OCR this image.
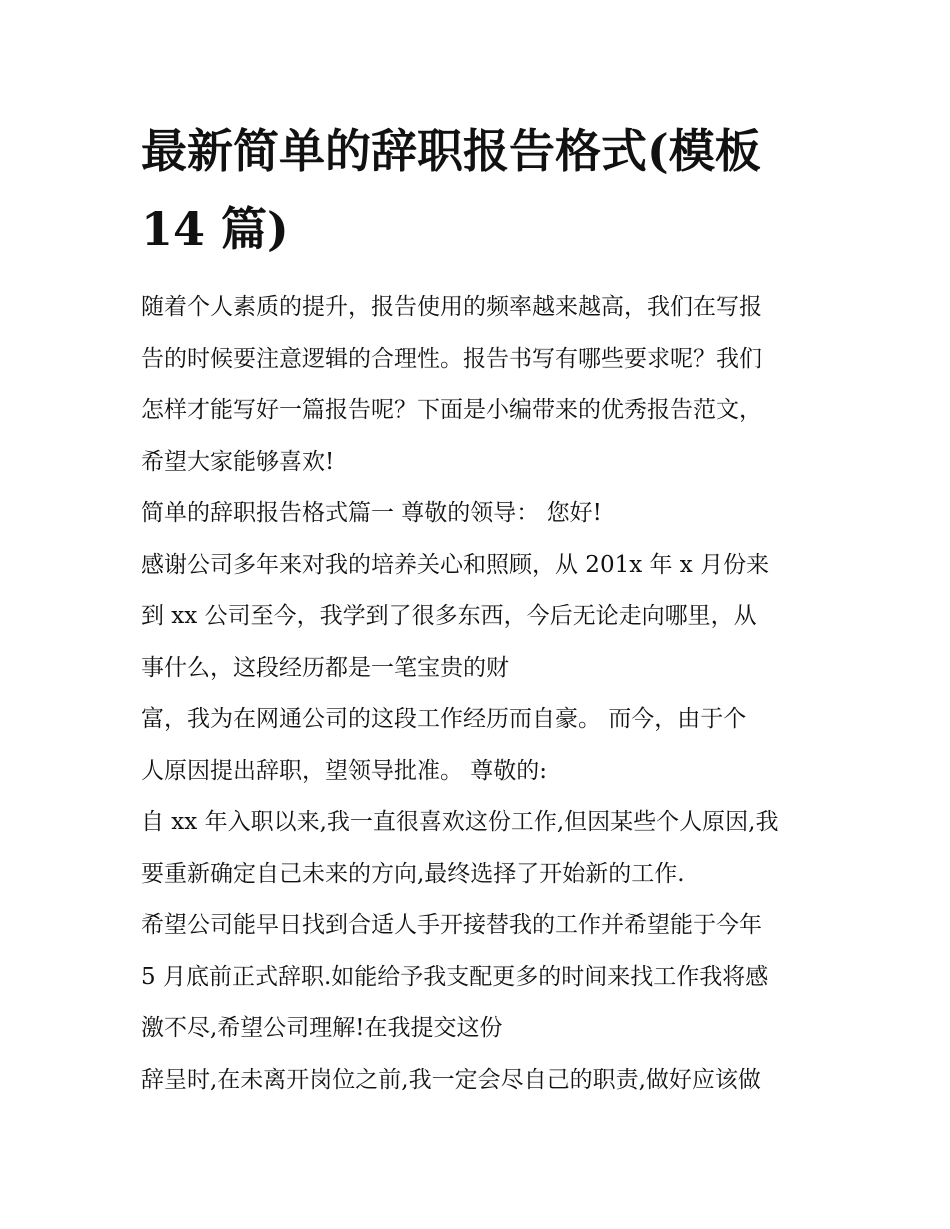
最新简单的辞职报告格式(模板
14 篇)
随着个人素质的提升，报告使用的频率越来越高，我们在写报
告的时候要注意逻辑的合理性。报告书写有哪些要求呢？我们
怎样才能写好一篇报告呢？下面是小编带来的优秀报告范文，
希望大家能够喜欢!
简单的辞职报告格式篇一 尊敬的领导： 您好!
感谢公司多年来对我的培养关心和照顾，从 201x 年 x 月份来
到 xx 公司至今，我学到了很多东西，今后无论走向哪里，从
事什么，这段经历都是一笔宝贵的财
富，我为在网通公司的这段工作经历而自豪。 而今，由于个
人原因提出辞职，望领导批准。 尊敬的:
自 xx 年入职以来,我一直很喜欢这份工作,但因某些个人原因,我
要重新确定自己未来的方向,最终选择了开始新的工作.
希望公司能早日找到合适人手开接替我的工作并希望能于今年
5 月底前正式辞职.如能给予我支配更多的时间来找工作我将感
激不尽,希望公司理解!在我提交这份
辞呈时,在未离开岗位之前,我一定会尽自己的职责,做好应该做
